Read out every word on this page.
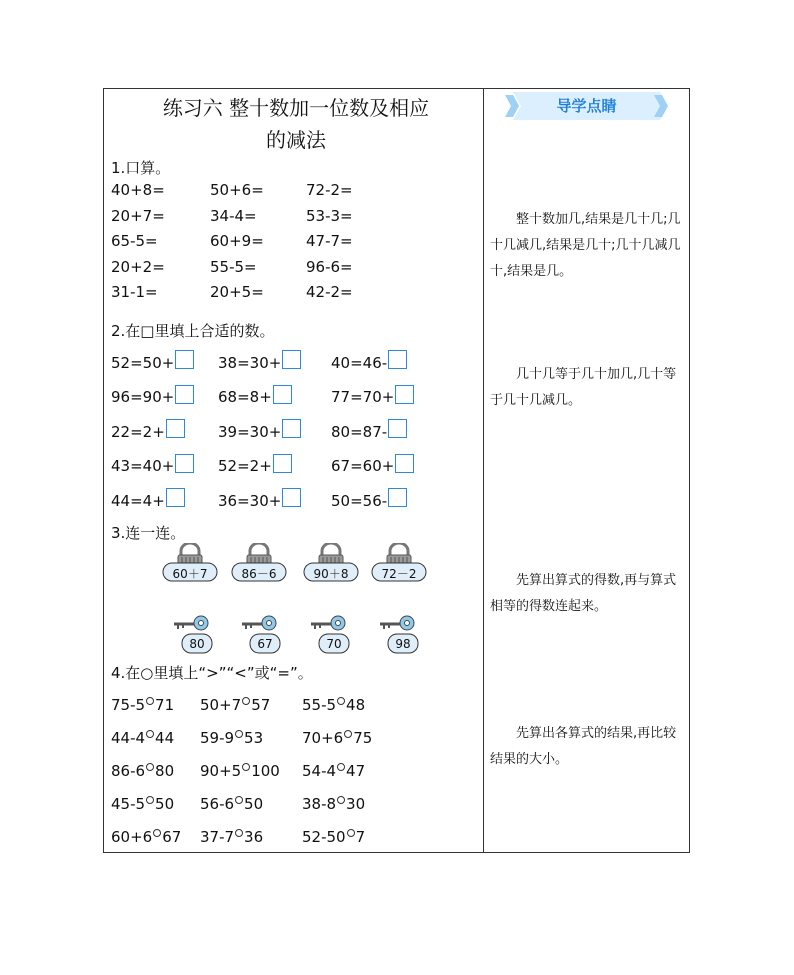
练习六 整十数加一位数及相应
的减法
导学点睛
1.口算。
40+8=	50+6=	72-2=
20+7=	34-4=	53-3=
65-5=	60+9=	47-7=
20+2=	55-5=	96-6=
31-1=	20+5=	42-2=
2.在□里填上合适的数。
52=50+	38=30+	40=46-
96=90+	68=8+	77=70+
22=2+	39=30+	80=87-
43=40+	52=2+	67=60+
44=4+	36=30+	50=56-
3.连一连。
60＋7	86－6	90＋8	72－2
80	67	70	98
4.在○里填上“>”“<”或“=”。
75-5 71 50+7 57 55-5 48
44-4 44 59-9 53	70+6 75
86-6 80 90+5 100 54-4 47
45-5 50 56-6 50	38-8 30
60+6 67 37-7 36	52-50 7
整十数加几,结果是几十几;几十几减几,结果是几十;几十几减几十,结果是几。
几十几等于几十加几,几十等于几十几减几。
先算出算式的得数,再与算式相等的得数连起来。
先算出各算式的结果,再比较结果的大小。
